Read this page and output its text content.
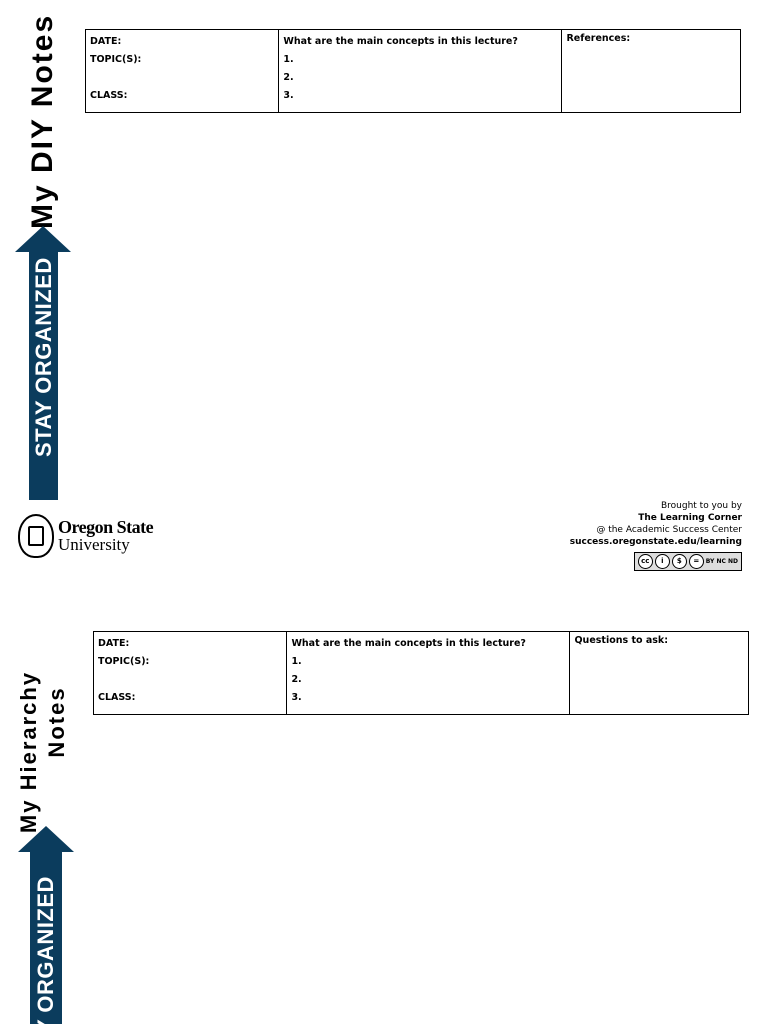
My DIY Notes
STAY ORGANIZED
DATE:
TOPIC(S):
CLASS:

What are the main concepts in this lecture?
1.
2.
3.

References:
Oregon State
University
Brought to you by
The Learning Corner
@ the Academic Success Center
success.oregonstate.edu/learning
cc	i	$	=	BY NC ND
My Hierarchy Notes
Y ORGANIZED
DATE:
TOPIC(S):
CLASS:

What are the main concepts in this lecture?
1.
2.
3.

Questions to ask:
